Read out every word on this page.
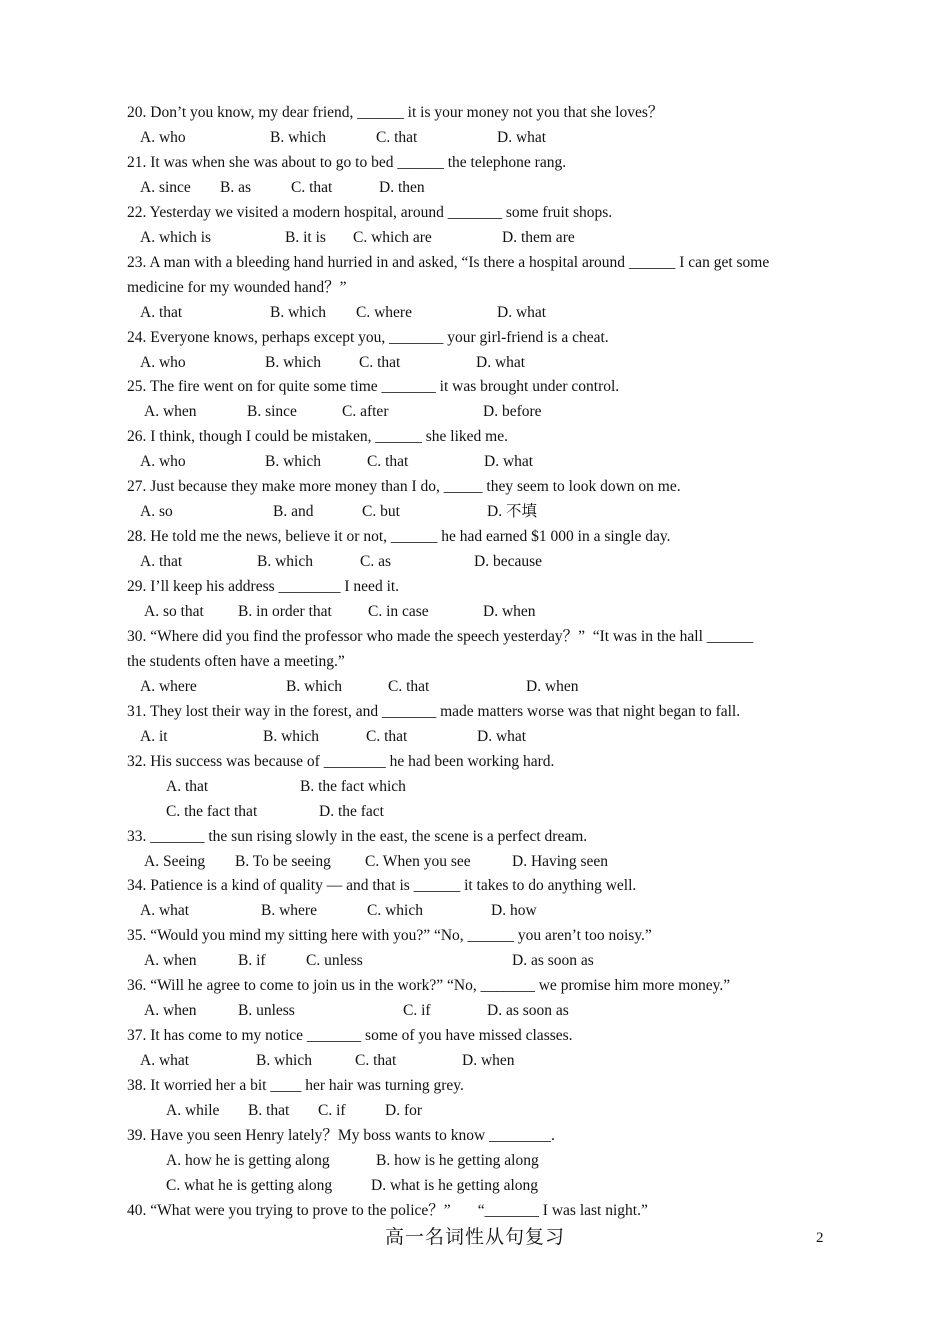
20. Don’t you know, my dear friend, ______ it is your money not you that she loves？
A. who	B. which	C. that	D. what
21. It was when she was about to go to bed ______ the telephone rang.
A. since B. as	C. that	D. then
22. Yesterday we visited a modern hospital, around _______ some fruit shops.
A. which is	B. it is C. which are	D. them are
23. A man with a bleeding hand hurried in and asked, “Is there a hospital around ______ I can get some
medicine for my wounded hand？”
A. that	B. which C. where	D. what
24. Everyone knows, perhaps except you, _______ your girl-friend is a cheat.
A. who	B. which C. that	D. what
25. The fire went on for quite some time _______ it was brought under control.
A. when	B. since	C. after	D. before
26. I think, though I could be mistaken, ______ she liked me.
A. who	B. which	C. that	D. what
27. Just because they make more money than I do, _____ they seem to look down on me.
A. so	B. and	C. but	D. 不填
28. He told me the news, believe it or not, ______ he had earned $1 000 in a single day.
A. that	B. which	C. as	D. because
29. I’ll keep his address ________ I need it.
A. so that B. in order that C. in case	D. when
30. “Where did you find the professor who made the speech yesterday？”  “It was in the hall ______
the students often have a meeting.”
A. where	B. which	C. that	D. when
31. They lost their way in the forest, and _______ made matters worse was that night began to fall.
A. it	B. which	C. that	D. what
32. His success was because of ________ he had been working hard.
A. that	B. the fact which
C. the fact that	D. the fact
33. _______ the sun rising slowly in the east, the scene is a perfect dream.
A. Seeing B. To be seeing C. When you see	D. Having seen
34. Patience is a kind of quality — and that is ______ it takes to do anything well.
A. what	B. where	C. which	D. how
35. “Would you mind my sitting here with you?” “No, ______ you aren’t too noisy.”
A. when	B. if	C. unless	D. as soon as
36. “Will he agree to come to join us in the work?” “No, _______ we promise him more money.”
A. when	B. unless	C. if	D. as soon as
37. It has come to my notice _______ some of you have missed classes.
A. what	B. which	C. that	D. when
38. It worried her a bit ____ her hair was turning grey.
A. while B. that C. if	D. for
39. Have you seen Henry lately？My boss wants to know ________.
A. how he is getting along	B. how is he getting along
C. what he is getting along	D. what is he getting along
40. “What were you trying to prove to the police？”       “_______ I was last night.”
高一名词性从句复习	2
